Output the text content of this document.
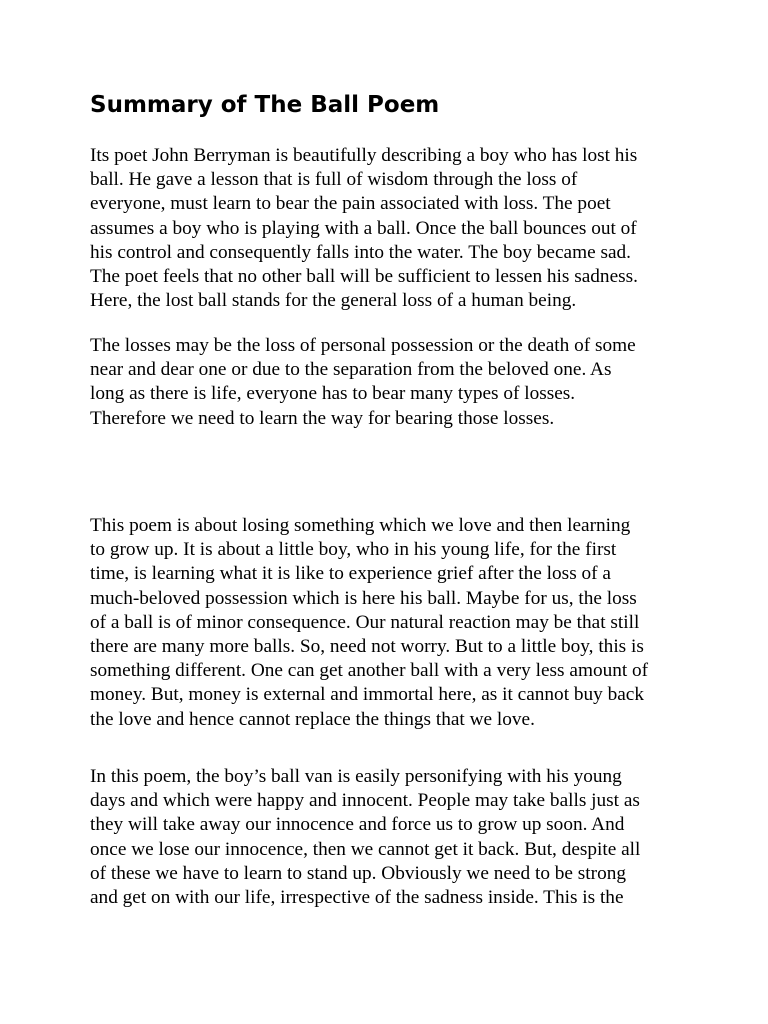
Summary of The Ball Poem

Its poet John Berryman is beautifully describing a boy who has lost his
ball. He gave a lesson that is full of wisdom through the loss of
everyone, must learn to bear the pain associated with loss. The poet
assumes a boy who is playing with a ball. Once the ball bounces out of
his control and consequently falls into the water. The boy became sad.
The poet feels that no other ball will be sufficient to lessen his sadness.
Here, the lost ball stands for the general loss of a human being.

The losses may be the loss of personal possession or the death of some
near and dear one or due to the separation from the beloved one. As
long as there is life, everyone has to bear many types of losses.
Therefore we need to learn the way for bearing those losses.

This poem is about losing something which we love and then learning
to grow up. It is about a little boy, who in his young life, for the first
time, is learning what it is like to experience grief after the loss of a
much-beloved possession which is here his ball. Maybe for us, the loss
of a ball is of minor consequence. Our natural reaction may be that still
there are many more balls. So, need not worry. But to a little boy, this is
something different. One can get another ball with a very less amount of
money. But, money is external and immortal here, as it cannot buy back
the love and hence cannot replace the things that we love.

In this poem, the boy’s ball van is easily personifying with his young
days and which were happy and innocent. People may take balls just as
they will take away our innocence and force us to grow up soon. And
once we lose our innocence, then we cannot get it back. But, despite all
of these we have to learn to stand up. Obviously we need to be strong
and get on with our life, irrespective of the sadness inside. This is the
